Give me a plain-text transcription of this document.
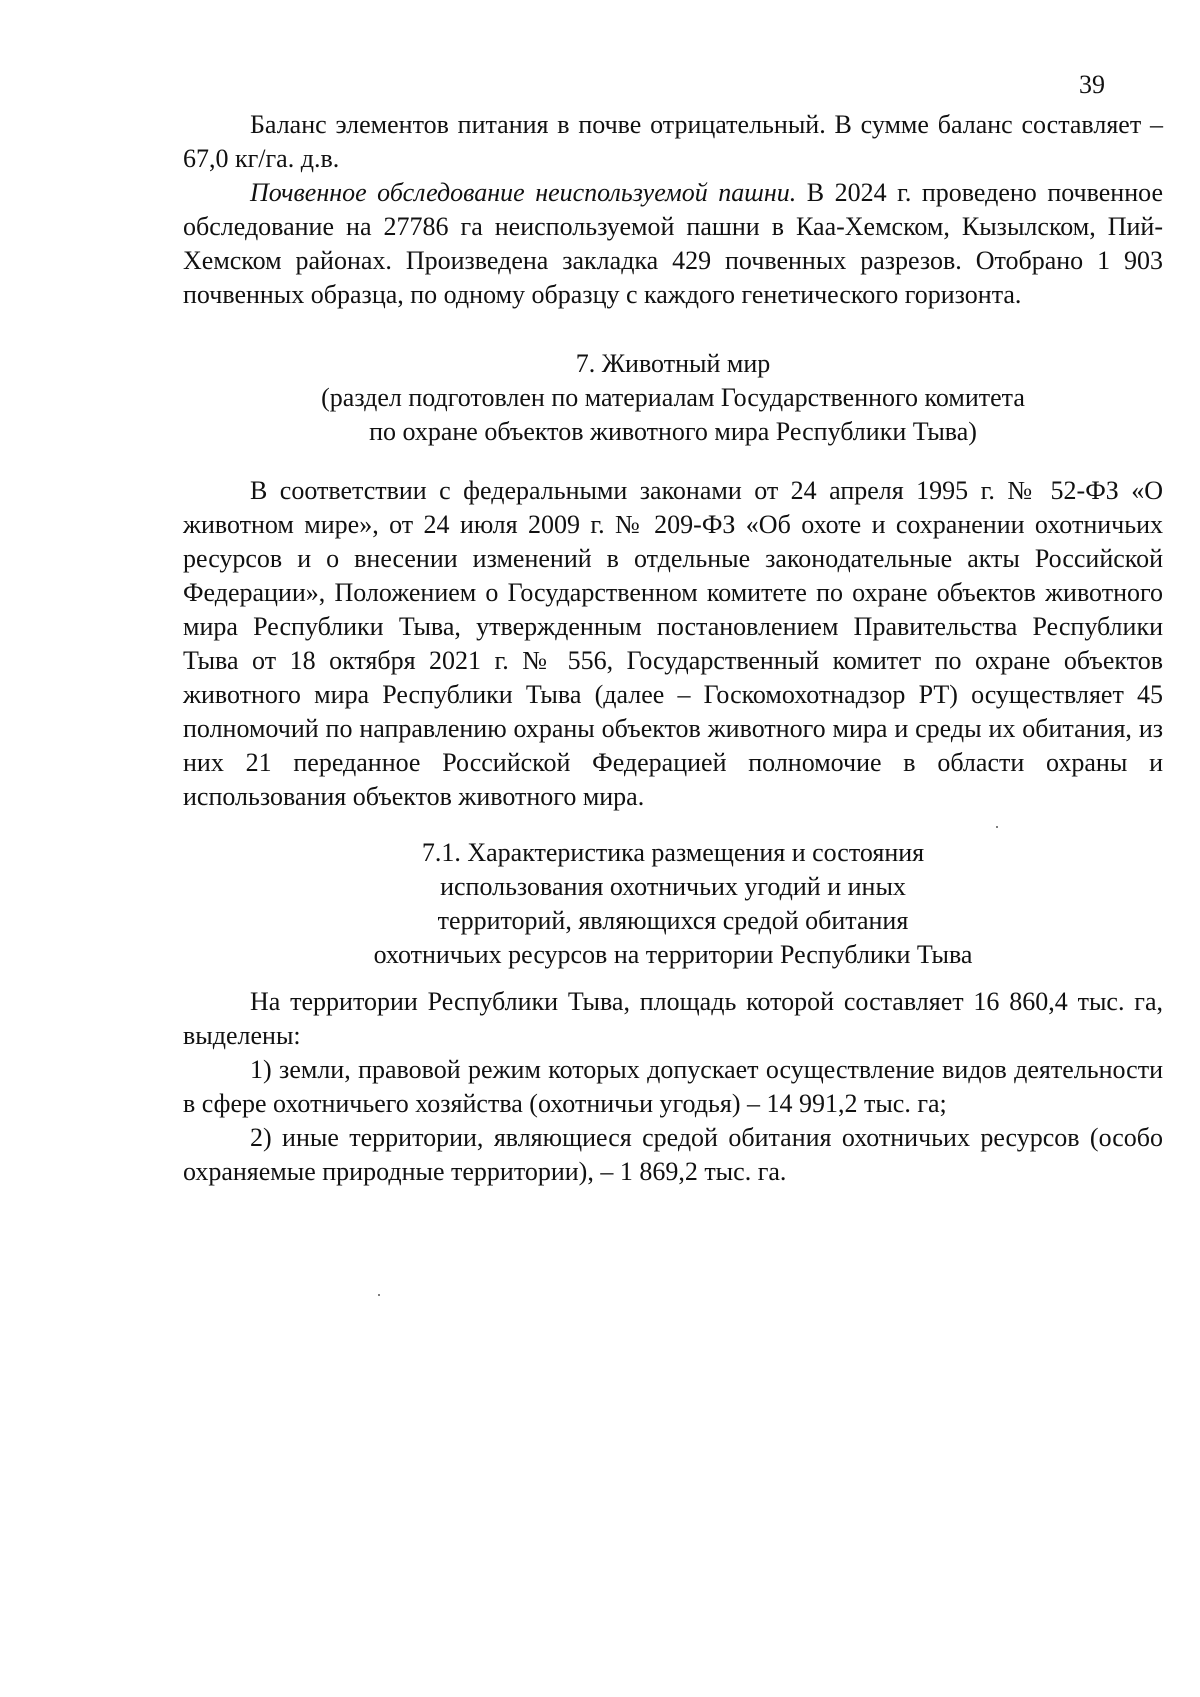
39

Баланс элементов питания в почве отрицательный. В сумме баланс составляет – 67,0 кг/га. д.в.

Почвенное обследование неиспользуемой пашни. В 2024 г. проведено почвенное обследование на 27786 га неиспользуемой пашни в Каа-Хемском, Кызылском, Пий-Хемском районах. Произведена закладка 429 почвенных разрезов. Отобрано 1 903 почвенных образца, по одному образцу с каждого генетического горизонта.

7. Животный мир
(раздел подготовлен по материалам Государственного комитета
по охране объектов животного мира Республики Тыва)

В соответствии с федеральными законами от 24 апреля 1995 г. № 52-ФЗ «О животном мире», от 24 июля 2009 г. № 209-ФЗ «Об охоте и сохранении охотничьих ресурсов и о внесении изменений в отдельные законодательные акты Российской Федерации», Положением о Государственном комитете по охране объектов животного мира Республики Тыва, утвержденным постановлением Правительства Республики Тыва от 18 октября 2021 г. № 556, Государственный комитет по охране объектов животного мира Республики Тыва (далее – Госкомохотнадзор РТ) осуществляет 45 полномочий по направлению охраны объектов животного мира и среды их обитания, из них 21 переданное Российской Федерацией полномочие в области охраны и использования объектов животного мира.

7.1. Характеристика размещения и состояния
использования охотничьих угодий и иных
территорий, являющихся средой обитания
охотничьих ресурсов на территории Республики Тыва

На территории Республики Тыва, площадь которой составляет 16 860,4 тыс. га, выделены:

1) земли, правовой режим которых допускает осуществление видов деятельности в сфере охотничьего хозяйства (охотничьи угодья) – 14 991,2 тыс. га;

2) иные территории, являющиеся средой обитания охотничьих ресурсов (особо охраняемые природные территории), – 1 869,2 тыс. га.
